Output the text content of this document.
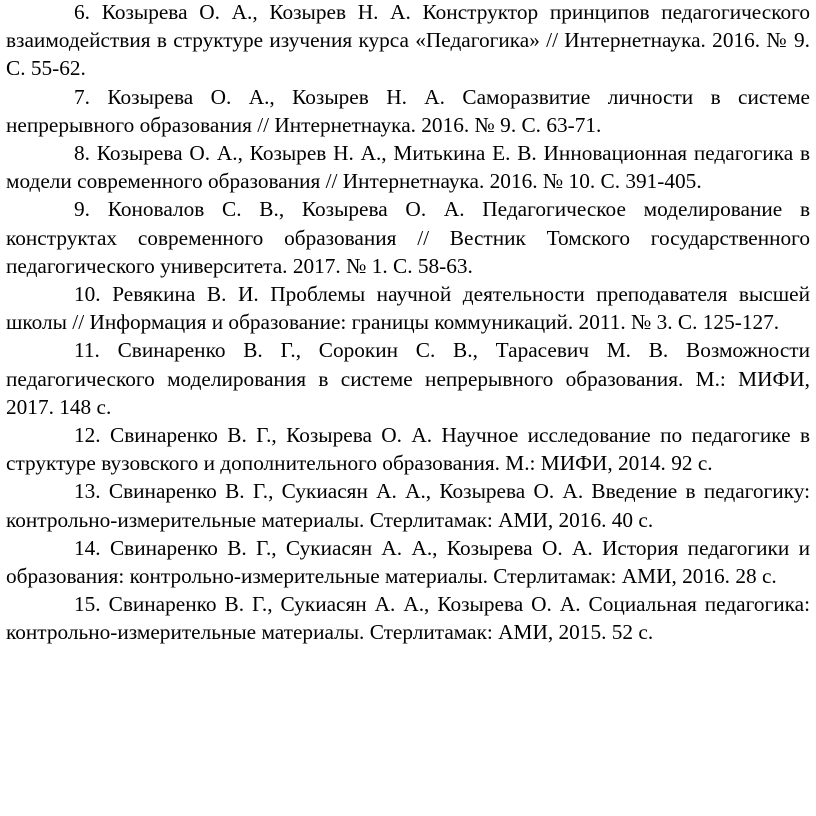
6. Козырева О. А., Козырев Н. А. Конструктор принципов педагогического взаимодействия в структуре изучения курса «Педагогика» // Интернетнаука. 2016. № 9. С. 55-62.
7. Козырева О. А., Козырев Н. А. Саморазвитие личности в системе непрерывного образования // Интернетнаука. 2016. № 9. С. 63-71.
8. Козырева О. А., Козырев Н. А., Митькина Е. В. Инновационная педагогика в модели современного образования // Интернетнаука. 2016. № 10. С. 391-405.
9. Коновалов С. В., Козырева О. А. Педагогическое моделирование в конструктах современного образования // Вестник Томского государственного педагогического университета. 2017. № 1. С. 58-63.
10. Ревякина В. И. Проблемы научной деятельности преподавателя высшей школы // Информация и образование: границы коммуникаций. 2011. № 3. С. 125-127.
11. Свинаренко В. Г., Сорокин С. В., Тарасевич М. В. Возможности педагогического моделирования в системе непрерывного образования. М.: МИФИ, 2017. 148 с.
12. Свинаренко В. Г., Козырева О. А. Научное исследование по педагогике в структуре вузовского и дополнительного образования. М.: МИФИ, 2014. 92 с.
13. Свинаренко В. Г., Сукиасян А. А., Козырева О. А. Введение в педагогику: контрольно-измерительные материалы. Стерлитамак: АМИ, 2016. 40 с.
14. Свинаренко В. Г., Сукиасян А. А., Козырева О. А. История педагогики и образования: контрольно-измерительные материалы. Стерлитамак: АМИ, 2016. 28 с.
15. Свинаренко В. Г., Сукиасян А. А., Козырева О. А. Социальная педагогика: контрольно-измерительные материалы. Стерлитамак: АМИ, 2015. 52 с.
